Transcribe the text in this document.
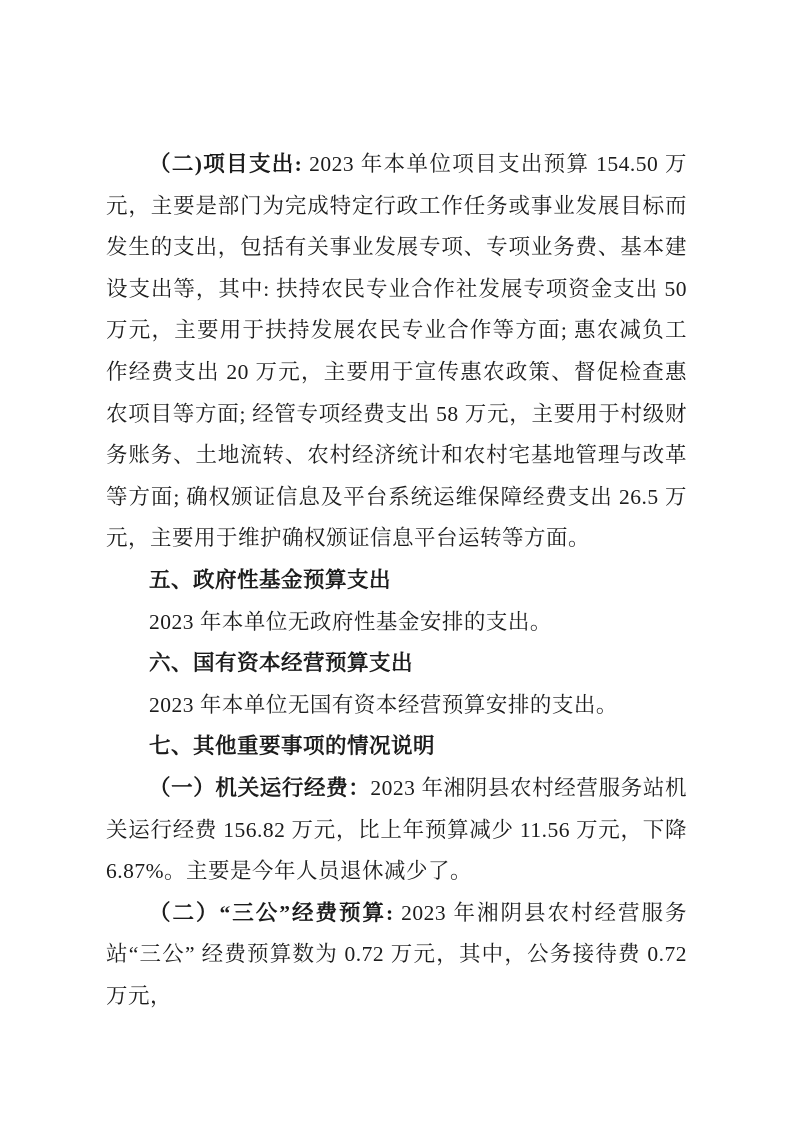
（二)项目支出: 2023 年本单位项目支出预算 154.50 万元，主要是部门为完成特定行政工作任务或事业发展目标而发生的支出，包括有关事业发展专项、专项业务费、基本建设支出等，其中: 扶持农民专业合作社发展专项资金支出 50 万元，主要用于扶持发展农民专业合作等方面; 惠农减负工作经费支出 20 万元，主要用于宣传惠农政策、督促检查惠农项目等方面; 经管专项经费支出 58 万元，主要用于村级财务账务、土地流转、农村经济统计和农村宅基地管理与改革等方面; 确权颁证信息及平台系统运维保障经费支出 26.5 万元，主要用于维护确权颁证信息平台运转等方面。

五、政府性基金预算支出

2023 年本单位无政府性基金安排的支出。

六、国有资本经营预算支出

2023 年本单位无国有资本经营预算安排的支出。

七、其他重要事项的情况说明

（一）机关运行经费：2023 年湘阴县农村经营服务站机关运行经费 156.82 万元，比上年预算减少 11.56 万元，下降 6.87%。主要是今年人员退休减少了。

（二）“三公”经费预算: 2023 年湘阴县农村经营服务站“三公” 经费预算数为 0.72 万元，其中，公务接待费 0.72 万元，
